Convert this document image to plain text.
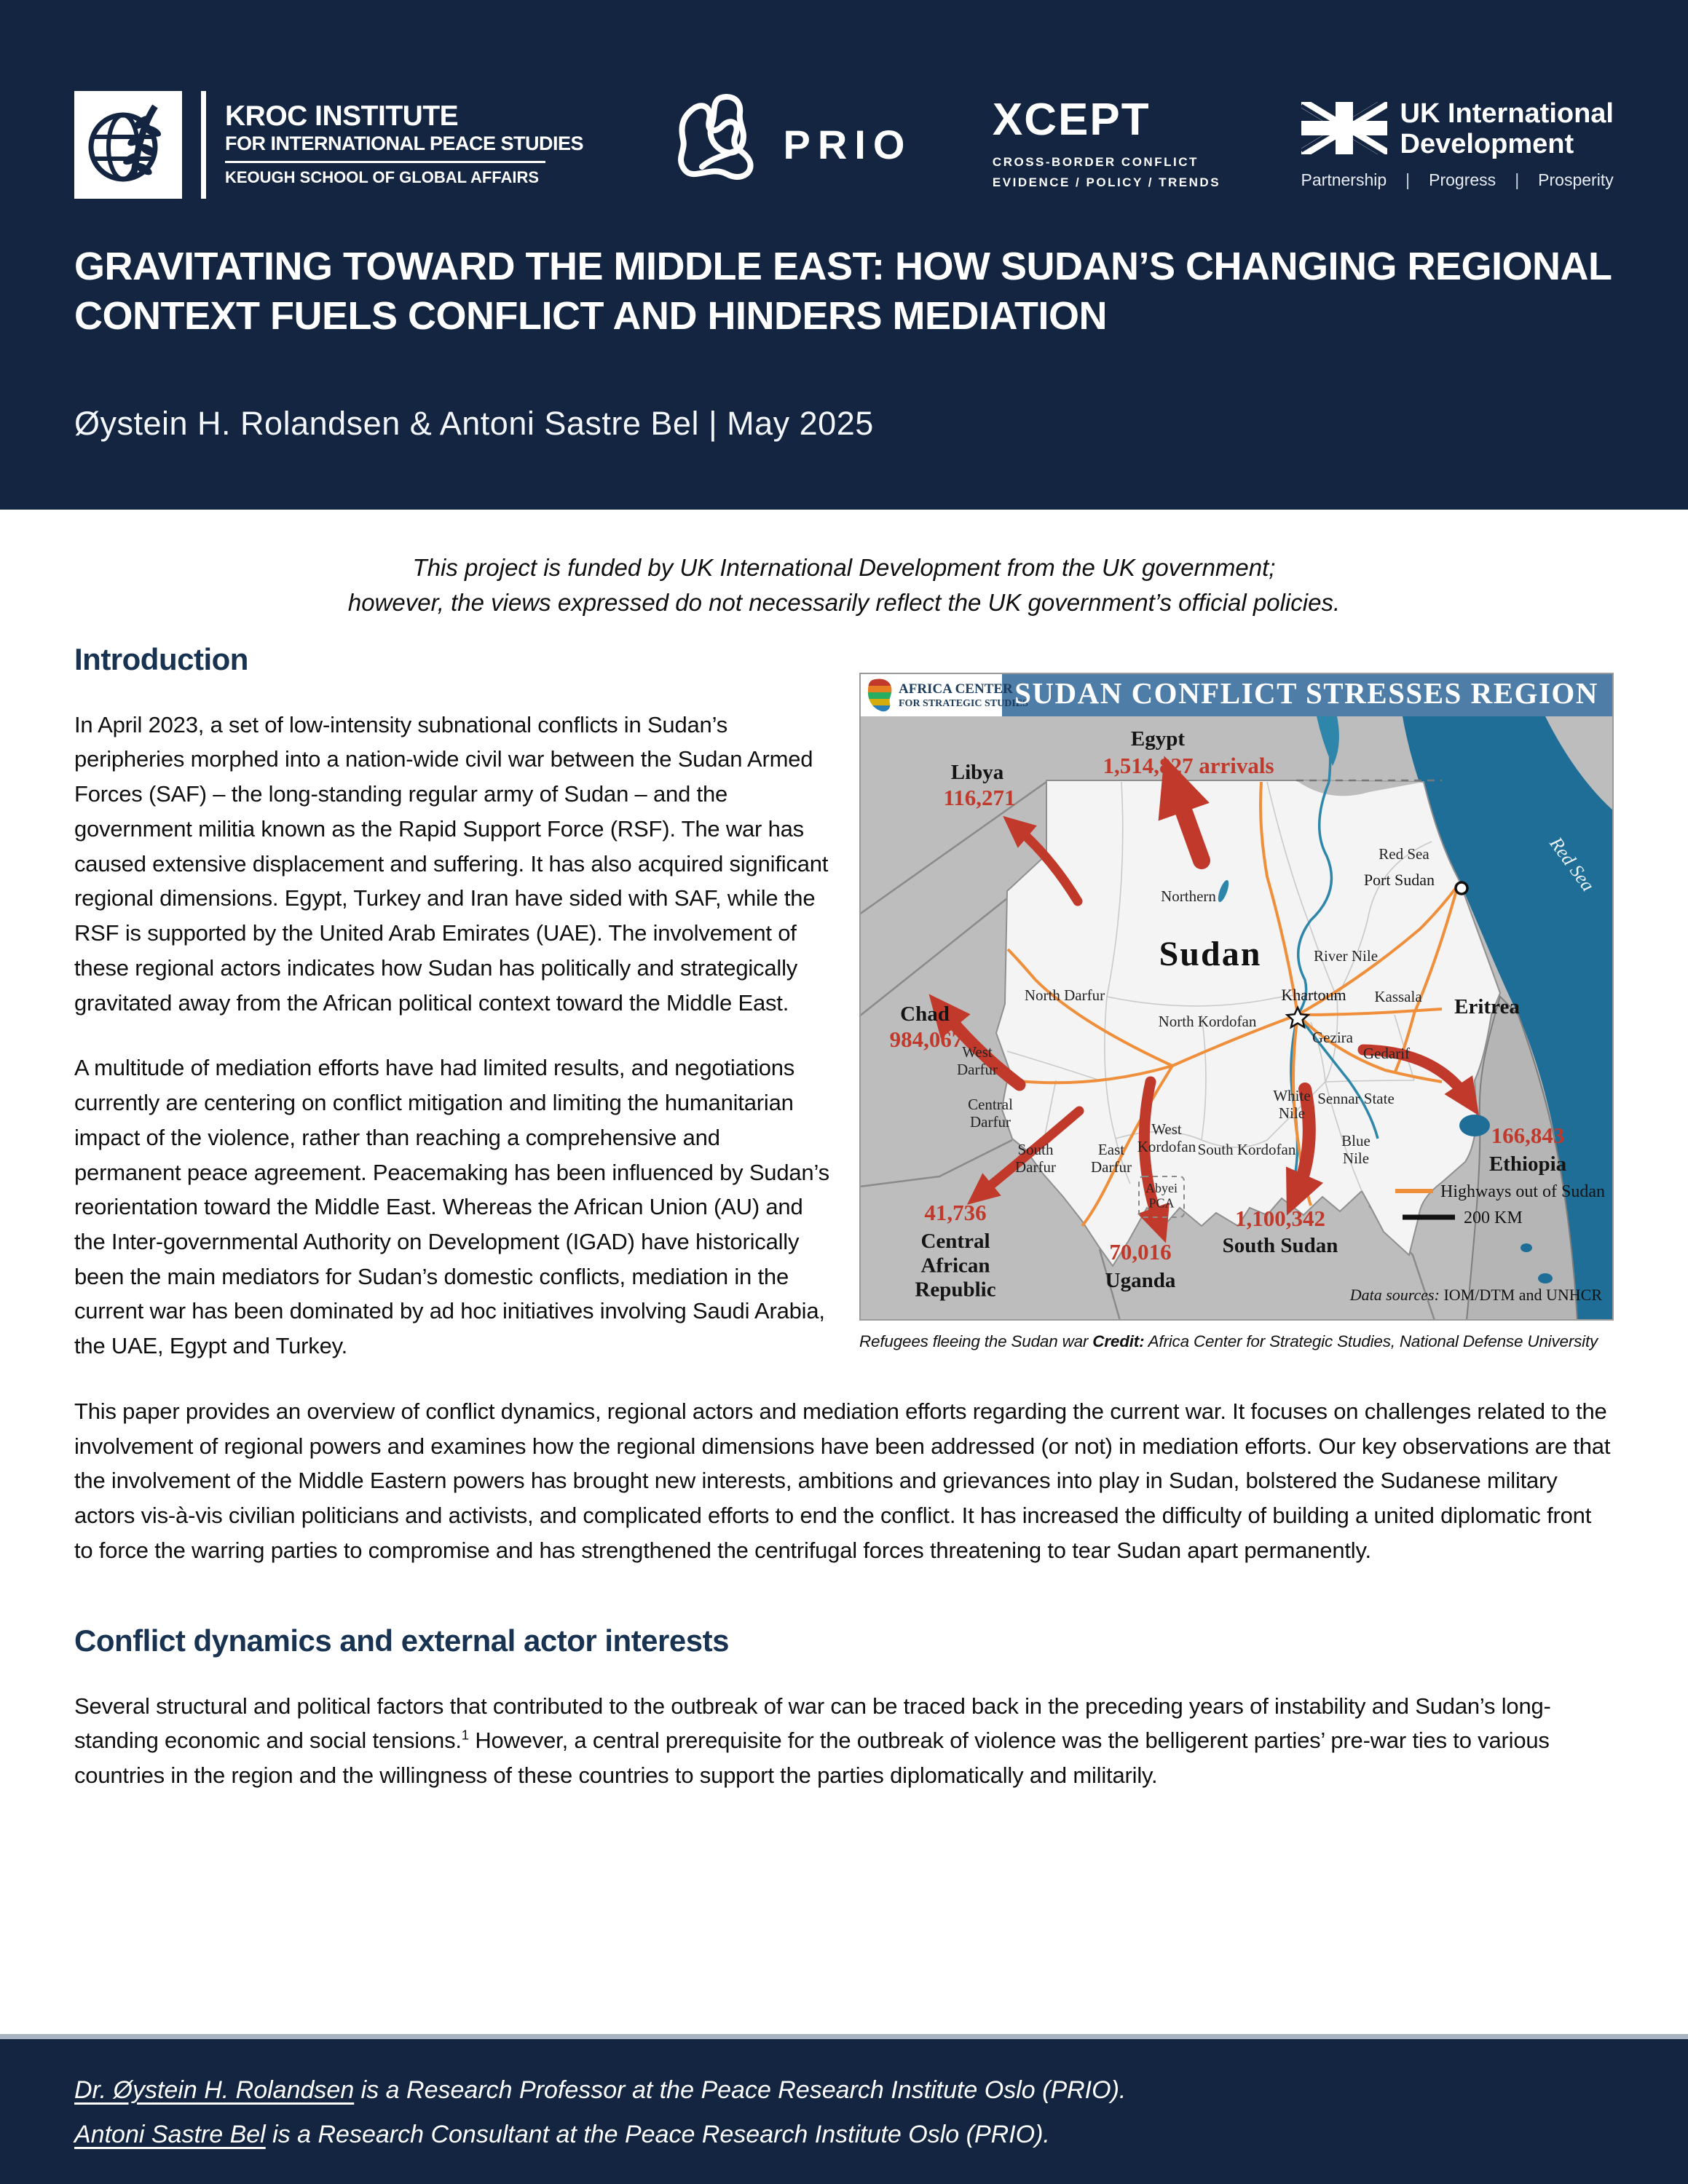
KROC INSTITUTE
FOR INTERNATIONAL PEACE STUDIES
KEOUGH SCHOOL OF GLOBAL AFFAIRS
PRIO XCEPT
CROSS-BORDER CONFLICT
EVIDENCE / POLICY / TRENDS
UK International
Development
Partnership | Progress | Prosperity
GRAVITATING TOWARD THE MIDDLE EAST: HOW SUDAN’S CHANGING REGIONAL CONTEXT FUELS CONFLICT AND HINDERS MEDIATION
Øystein H. Rolandsen & Antoni Sastre Bel | May 2025

This project is funded by UK International Development from the UK government;
however, the views expressed do not necessarily reflect the UK government’s official policies.

Introduction
Egypt
1,514,827 arrivals
Libya
116,271
Chad
984,067
41,736
Central African Republic
70,016
Uganda
1,100,342
South Sudan
166,843
Ethiopia
Eritrea
Sudan
Northern
Red Sea
River Nile
North Darfur	Khartoum Kassala
Gezira
Gedarif
West Darfur
North Kordofan
Central Darfur
White Nile
Sennar State
South Darfur
East Darfur
West Kordofan South Kordofan	Blue Nile
Abyei PCA
Port Sudan	Red Sea
Highways out of Sudan
200 KM
Data sources: IOM/DTM and UNHCR
AFRICA CENTER
FOR STRATEGIC STUDIES
SUDAN CONFLICT STRESSES REGION
Refugees fleeing the Sudan war Credit: Africa Center for Strategic Studies, National Defense University

In April 2023, a set of low-intensity subnational conflicts in Sudan’s peripheries morphed into a nation-wide civil war between the Sudan Armed Forces (SAF) – the long-standing regular army of Sudan – and the government militia known as the Rapid Support Force (RSF). The war has caused extensive displacement and suffering. It has also acquired significant regional dimensions. Egypt, Turkey and Iran have sided with SAF, while the RSF is supported by the United Arab Emirates (UAE). The involvement of these regional actors indicates how Sudan has politically and strategically gravitated away from the African political context toward the Middle East.

A multitude of mediation efforts have had limited results, and negotiations currently are centering on conflict mitigation and limiting the humanitarian impact of the violence, rather than reaching a comprehensive and permanent peace agreement. Peacemaking has been influenced by Sudan’s reorientation toward the Middle East. Whereas the African Union (AU) and the Inter-governmental Authority on Development (IGAD) have historically been the main mediators for Sudan’s domestic conflicts, mediation in the current war has been dominated by ad hoc initiatives involving Saudi Arabia, the UAE, Egypt and Turkey.

This paper provides an overview of conflict dynamics, regional actors and mediation efforts regarding the current war. It focuses on challenges related to the involvement of regional powers and examines how the regional dimensions have been addressed (or not) in mediation efforts. Our key observations are that the involvement of the Middle Eastern powers has brought new interests, ambitions and grievances into play in Sudan, bolstered the Sudanese military actors vis-à-vis civilian politicians and activists, and complicated efforts to end the conflict. It has increased the difficulty of building a united diplomatic front to force the warring parties to compromise and has strengthened the centrifugal forces threatening to tear Sudan apart permanently.

Conflict dynamics and external actor interests

Several structural and political factors that contributed to the outbreak of war can be traced back in the preceding years of instability and Sudan’s long-standing economic and social tensions.$^1$ However, a central prerequisite for the outbreak of violence was the belligerent parties’ pre-war ties to various countries in the region and the willingness of these countries to support the parties diplomatically and militarily.

Dr. Øystein H. Rolandsen is a Research Professor at the Peace Research Institute Oslo (PRIO).
Antoni Sastre Bel is a Research Consultant at the Peace Research Institute Oslo (PRIO).
